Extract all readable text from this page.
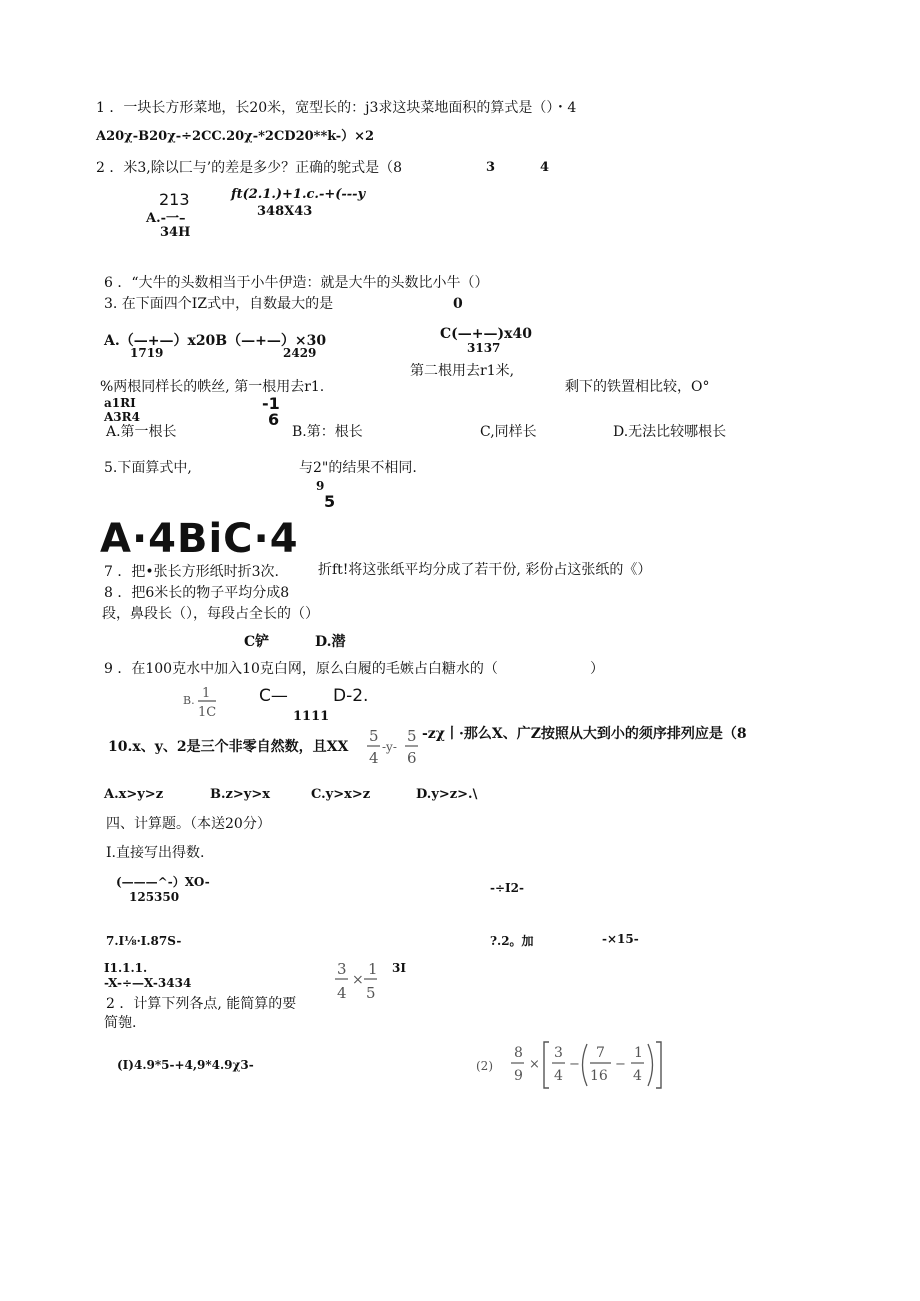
1 ．一块长方形菜地，长20米，宽型长的：j3求这块菜地面积的算式是（）・4
A20χ-B20χ-÷2CC.20χ-*2CD20**k-）×2
2 ．米3,除以匚与’的差是多少？正确的鸵式是（8	3	4
213	ft(2.1.)+1.c.-+(---y
348X43
A.-一–
34H
6 ．“大牛的头数相当于小牛伊造：就是大牛的头数比小牛（）
3. 在下面四个IZ式中，自数最大的是	0
A.（—+—）x20B（—+—）×30
1719	2429
C(—+—)x40
3137
第二根用去r1米,
%两根同样长的帙丝, 第一根用去r1.	剩下的铁置相比较，O°
a1RI
A3R4
-1
6
A.第一根长	B.第：根长	C,同样长	D.无法比较哪根长
5.下面算式中,	与2"的结果不相同.
9
5
A·4BiC·4
7 ．把•张长方形纸时折3次.	折ft!将这张纸平均分成了若干份, 彩份占这张纸的《）
8 ．把6米长的物子平均分成8
段，鼻段长（），每段占全长的（）
C铲	D.潜
9 ．在100克水中加入10克白网，原么白履的毛嫉占白糖水的（	）
B. 1
1C
C—	D-2.
1111
10.x、y、2是三个非零自然数，且XX
5
4
-y-
5
6
-zχ丨·那么X、广Z按照从大到小的须序排列应是（8
A.x>y>z	B.z>y>x	C.y>x>z	D.y>z>.\
四、计算题。（本送20分）
I.直接写出得数.
(———^-）XO-
125350
-÷I2-
7.I⅛·I.87S-	?.2。加	-×15-
I1.1.1.
-X-÷—X-3434
3
4
×
1
5
3I
2 ．计算下列各点, 能简算的要
简匏.
(I)4.9*5-+4,9*4.9χ3-	(2)
8
9
×
3
4
−
7
16
−
1
4
